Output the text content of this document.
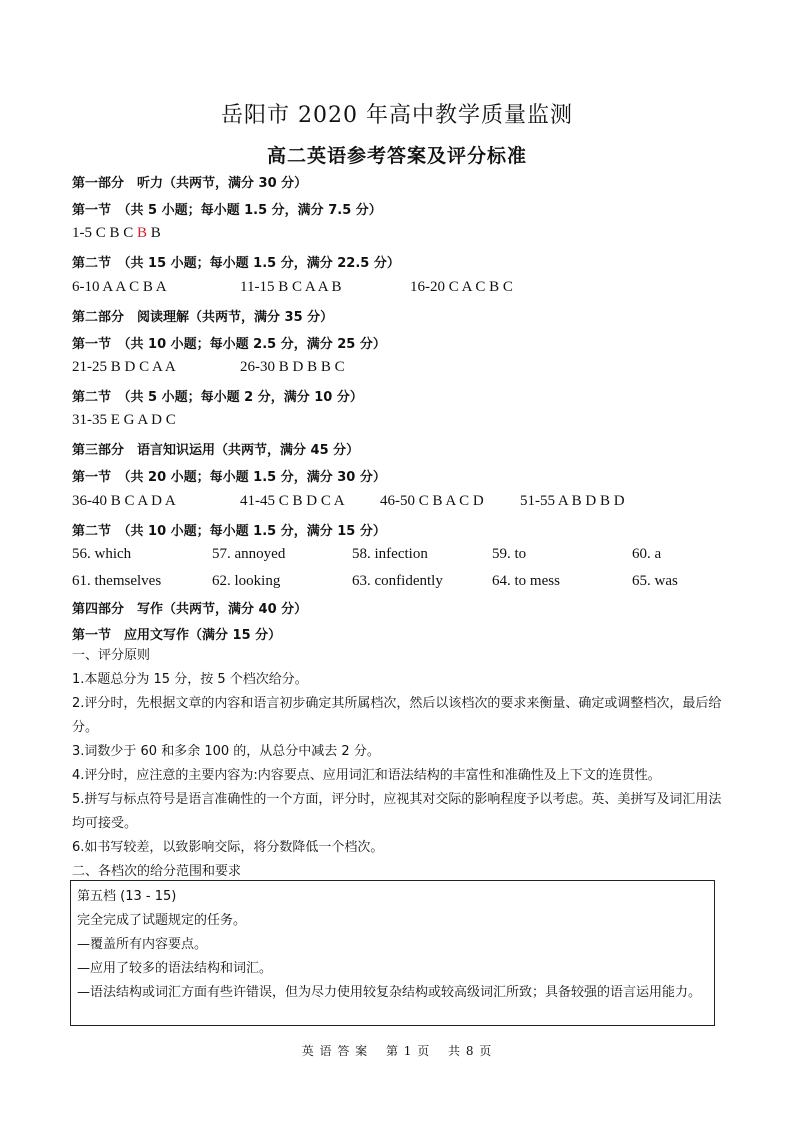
岳阳市 2020 年高中教学质量监测
高二英语参考答案及评分标准
第一部分　听力（共两节，满分 30 分）
第一节　（共 5 小题；每小题 1.5 分，满分 7.5 分）
1-5 C B C B B
第二节　（共 15 小题；每小题 1.5 分，满分 22.5 分）
6-10 A A C B A	11-15 B C A A B	16-20 C A C B C
第二部分　阅读理解（共两节，满分 35 分）
第一节　（共 10 小题；每小题 2.5 分，满分 25 分）
21-25 B D C A A	26-30 B D B B C
第二节　（共 5 小题；每小题 2 分，满分 10 分）
31-35 E G A D C
第三部分　语言知识运用（共两节，满分 45 分）
第一节　（共 20 小题；每小题 1.5 分，满分 30 分）
36-40 B C A D A	41-45 C B D C A 46-50 C B A C D 51-55 A B D B D
第二节　（共 10 小题；每小题 1.5 分，满分 15 分）
56. which	57. annoyed	58. infection	59. to	60. a
61. themselves	62. looking	63. confidently	64. to mess	65. was
第四部分　写作（共两节，满分 40 分）
第一节　应用文写作（满分 15 分）
一、评分原则
1.本题总分为 15 分，按 5 个档次给分。
2.评分时，先根据文章的内容和语言初步确定其所属档次，然后以该档次的要求来衡量、确定或调整档次，最后给分。
3.词数少于 60 和多余 100 的，从总分中减去 2 分。
4.评分时，应注意的主要内容为:内容要点、应用词汇和语法结构的丰富性和准确性及上下文的连贯性。
5.拼写与标点符号是语言准确性的一个方面，评分时，应视其对交际的影响程度予以考虑。英、美拼写及词汇用法均可接受。
6.如书写较差，以致影响交际，将分数降低一个档次。
二、各档次的给分范围和要求
第五档 (13 - 15)
完全完成了试题规定的任务。
—覆盖所有内容要点。
—应用了较多的语法结构和词汇。
—语法结构或词汇方面有些许错误，但为尽力使用较复杂结构或较高级词汇所致；具备较强的语言运用能力。
英 语 答 案　 第 1 页　 共 8 页
